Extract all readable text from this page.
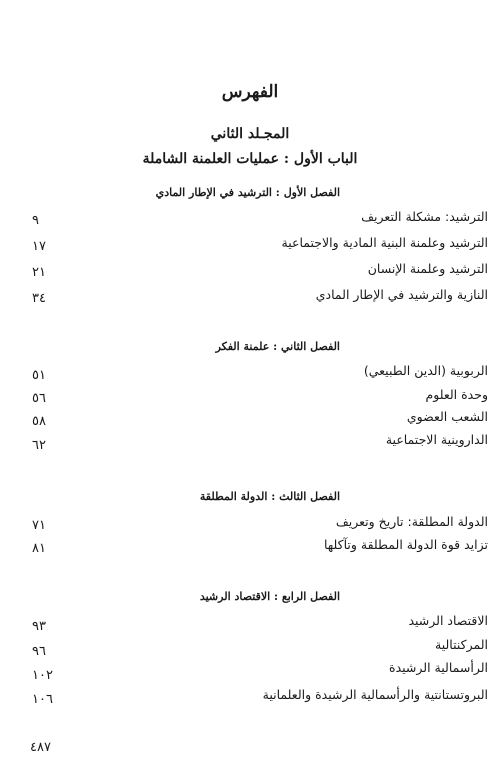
الفهرس
المجـلد الثاني
الباب الأول : عمليات العلمنة الشاملة
الفصل الأول : الترشيد في الإطار المادي
الترشيد: مشكلة التعريف
٩
الترشيد وعلمنة البنية المادية والاجتماعية
١٧
الترشيد وعلمنة الإنسان
٢١
النازية والترشيد في الإطار المادي
٣٤
الفصل الثاني : علمنة الفكر
الربوبية (الدين الطبيعي)
٥١
وحدة العلوم
٥٦
الشعب العضوي
٥٨
الداروينية الاجتماعية
٦٢
الفصل الثالث : الدولة المطلقة
الدولة المطلقة: تاريخ وتعريف
٧١
تزايد قوة الدولة المطلقة وتآكلها
٨١
الفصل الرابع : الاقتصاد الرشيد
الاقتصاد الرشيد
٩٣
المركنتالية
٩٦
الرأسمالية الرشيدة
١٠٢
البروتستانتية والرأسمالية الرشيدة والعلمانية
١٠٦
٤٨٧
